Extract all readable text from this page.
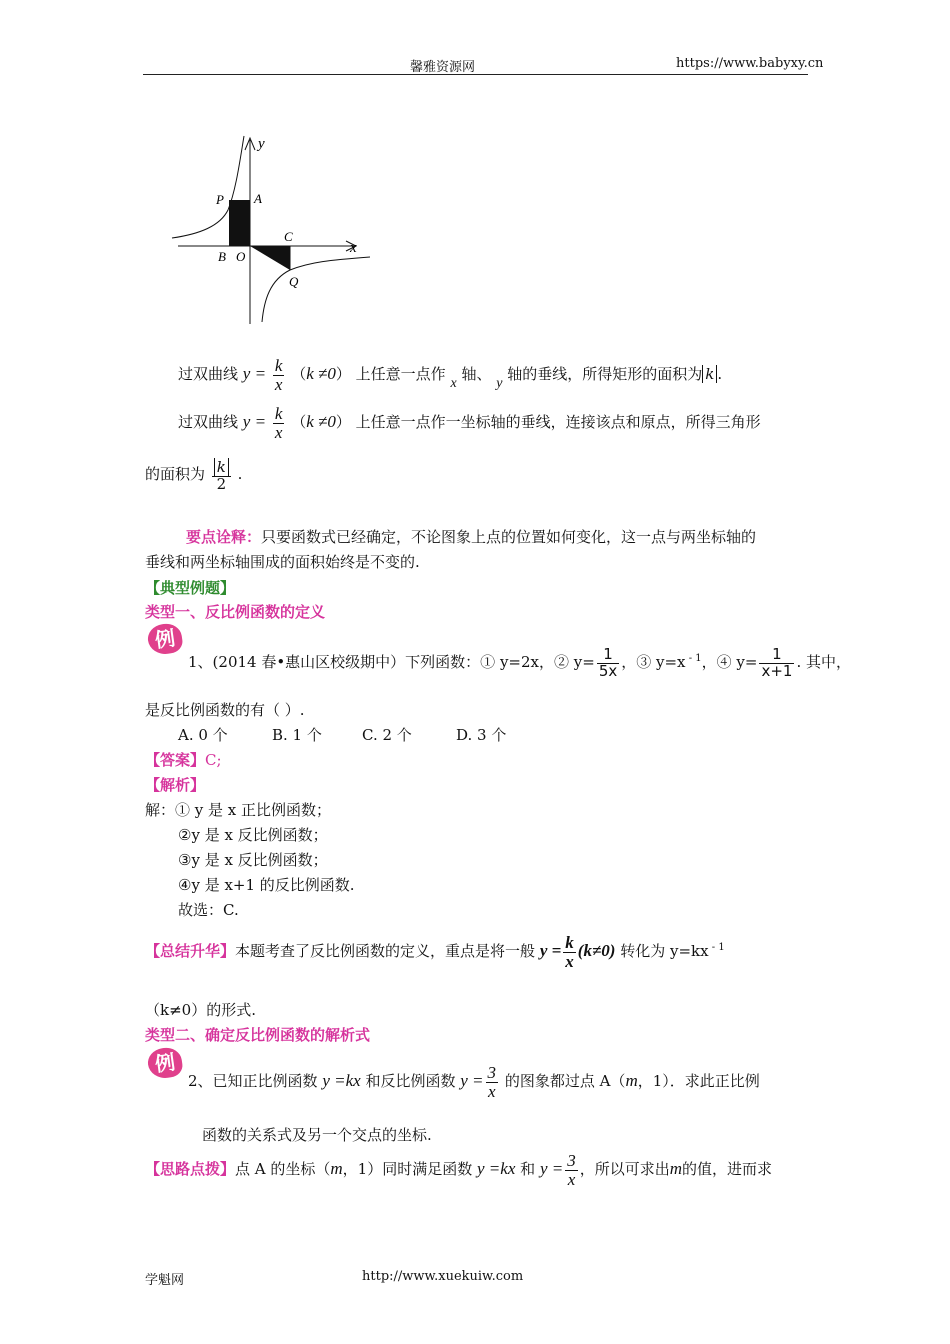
馨雅资源网	https://www.babyxy.cn
y
x
P A
B O
C
Q
过双曲线 $y = \frac{k}{x} (k \ne 0)$ 上任意一点作 x 轴、 y 轴的垂线，所得矩形的面积为 k .
过双曲线 $y = \frac{k}{x} (k \ne 0)$ 上任意一点作一坐标轴的垂线，连接该点和原点，所得三角形
的面积为 $\frac{k}{2}$ .
要点诠释：只要函数式已经确定，不论图象上点的位置如何变化，这一点与两坐标轴的
垂线和两坐标轴围成的面积始终是不变的.
【典型例题】
类型一、反比例函数的定义
例
1、(2014 春•惠山区校级期中）下列函数：① y=2x，② $y= \frac{1}{5x}$ ，③ y=x $^{- 1}$，④ $y= \frac{1}{x+1}$ . 其中，
是反比例函数的有（ ）.
A. 0 个	B. 1 个	C. 2 个	D. 3 个
【答案】C;
【解析】
解：① y 是 x 正比例函数；
②y 是 x 反比例函数；
③y 是 x 反比例函数；
④y 是 x+1 的反比例函数.
故选：C.
【总结升华】本题考查了反比例函数的定义，重点是将一般 $y = \frac{k}{x} (k\ne 0)$ 转化为 y=kx $^{- 1}$
（k≠0）的形式.
类型二、确定反比例函数的解析式
例
2、已知正比例函数 y =kx 和反比例函数 $y = \frac{3}{x}$ 的图象都过点 A（m，1）．求此正比例
函数的关系式及另一个交点的坐标.
【思路点拨】点 A 的坐标（m，1）同时满足函数 y =kx 和 $y = \frac{3}{x}$ ，所以可求出m的值，进而求
学魁网	http://www.xuekuiw.com
